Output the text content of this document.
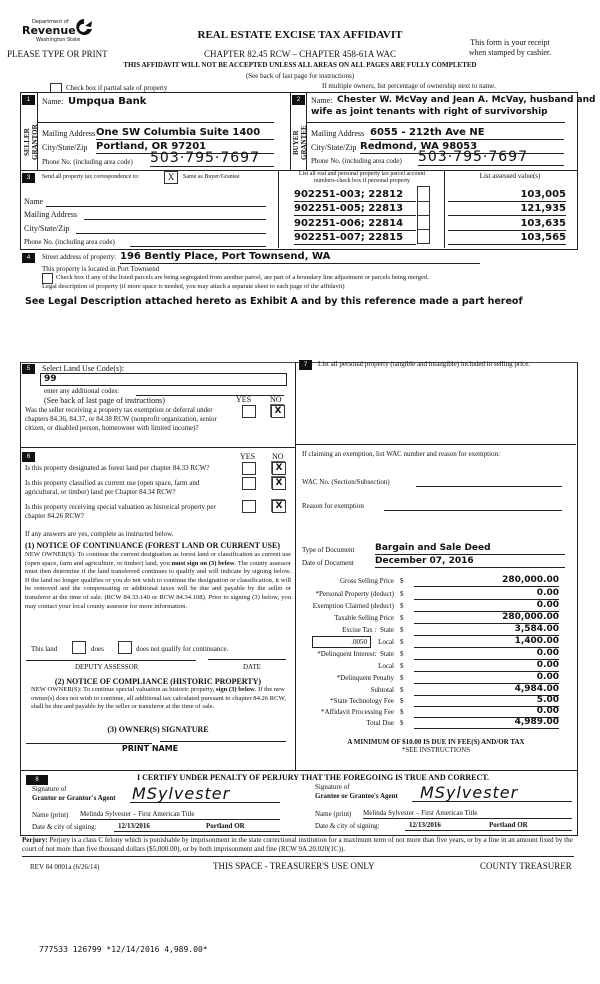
Department of
Revenue
Washington State	REAL ESTATE EXCISE TAX AFFIDAVIT
PLEASE TYPE OR PRINT	CHAPTER 82.45 RCW – CHAPTER 458-61A WAC
This form is your receipt
when stamped by cashier.
THIS AFFIDAVIT WILL NOT BE ACCEPTED UNLESS ALL AREAS ON ALL PAGES ARE FULLY COMPLETED
(See back of last page for instructions)
Check box if partial sale of property	If multiple owners, list percentage of ownership next to name.
1
SELLER
GRANTOR
Name: Umpqua Bank
Mailing Address One SW Columbia Suite 1400
City/State/Zip Portland, OR 97201
Phone No. (including area code) 503·795·7697
2
BUYER
GRANTEE
Name: Chester W. McVay and Jean A. McVay, husband and
wife as joint tenants with right of survivorship
Mailing Address 6055 - 212th Ave NE
City/State/Zip Redmond, WA 98053
Phone No. (including area code) 503·795·7697
3	Send all property tax correspondence to:	X	Same as Buyer/Grantee
Name
Mailing Address
City/State/Zip
Phone No. (including area code)
List all real and personal property tax parcel account
numbers-check box if personal property
List assessed value(s)
902251-003; 22812	103,005
902251-005; 22813	121,935
902251-006; 22814	103,635
902251-007; 22815	103,565
4	Street address of property: 196 Bently Place, Port Townsend, WA
This property is located in Port Townsend
Check box if any of the listed parcels are being segregated from another parcel, are part of a boundary line adjustment or parcels being merged.
Legal description of property (if more space is needed, you may attach a separate sheet to each page of the affidavit)
See Legal Description attached hereto as Exhibit A and by this reference made a part hereof
5	Select Land Use Code(s):
99
enter any additional codes:
(See back of last page of instructions)	YES NO
Was the seller receiving a property tax exemption or deferral under chapters 84.36, 84.37, or 84.38 RCW (nonprofit organization, senior citizen, or disabled person, homeowner with limited income)?
X
6	YES NO
Is this property designated as forest land per chapter 84.33 RCW?	X
Is this property classified as current use (open space, farm and agricultural, or timber) land per Chapter 84.34 RCW?
X
Is this property receiving special valuation as historical property per chapter 84.26 RCW?
X
If any answers are yes, complete as instructed below.
(1) NOTICE OF CONTINUANCE (FOREST LAND OR CURRENT USE)
NEW OWNER(S): To continue the current designation as forest land or classification as current use (open space, farm and agriculture, or timber) land, you must sign on (3) below. The county assessor must then determine if the land transferred continues to qualify and will indicate by signing below. If the land no longer qualifies or you do not wish to continue the designation or classification, it will be removed and the compensating or additional taxes will be due and payable by the seller or transferor at the time of sale. (RCW 84.33.140 or RCW 84.34.108). Prior to signing (3) below, you may contact your local county assessor for more information.
This land	does	does not qualify for continuance.
DEPUTY ASSESSOR	DATE
(2) NOTICE OF COMPLIANCE (HISTORIC PROPERTY)
NEW OWNER(S): To continue special valuation as historic property, sign (3) below. If the new owner(s) does not wish to continue, all additional tax calculated pursuant to chapter 84.26 RCW, shall be due and payable by the seller or transferor at the time of sale.
(3) OWNER(S) SIGNATURE
PRINT NAME
7	List all personal property (tangible and intangible) included in selling price.
If claiming an exemption, list WAC number and reason for exemption:
WAC No. (Section/Subsection)
Reason for exemption
Type of Document Bargain and Sale Deed
Date of Document December 07, 2016
Gross Selling Price $	280,000.00
*Personal Property (deduct) $	0.00
Exemption Claimed (deduct) $	0.00
Taxable Selling Price $	280,000.00
Excise Tax :  State $	3,584.00
.0050	Local $	1,400.00
*Delinquent Interest:  State $	0.00
Local $	0.00
*Delinquent Penalty $	0.00
Subtotal $	4,984.00
*State Technology Fee $	5.00
*Affidavit Processing Fee $	0.00
Total Due $	4,989.00
A MINIMUM OF $10.00 IS DUE IN FEE(S) AND/OR TAX
*SEE INSTRUCTIONS
8	I CERTIFY UNDER PENALTY OF PERJURY THAT THE FOREGOING IS TRUE AND CORRECT.
Signature of
Grantor or Grantor's Agent MSylvester
Name (print) Melinda Sylvester – First American Title
Date & city of signing:	12/13/2016	Portland OR
Signature of
Grantee or Grantee's Agent MSylvester
Name (print) Melinda Sylvester – First American Title
Date & city of signing:	12/13/2016	Portland OR
Perjury: Perjury is a class C felony which is punishable by imprisonment in the state correctional institution for a maximum term of not more than five years, or by a fine in an amount fixed by the court of not more than five thousand dollars ($5,000.00), or by both imprisonment and fine (RCW 9A.20.020(1C)).
REV 84 0001a (6/26/14)	THIS SPACE - TREASURER'S USE ONLY	COUNTY TREASURER
777533 126799 *12/14/2016 4,989.00*
